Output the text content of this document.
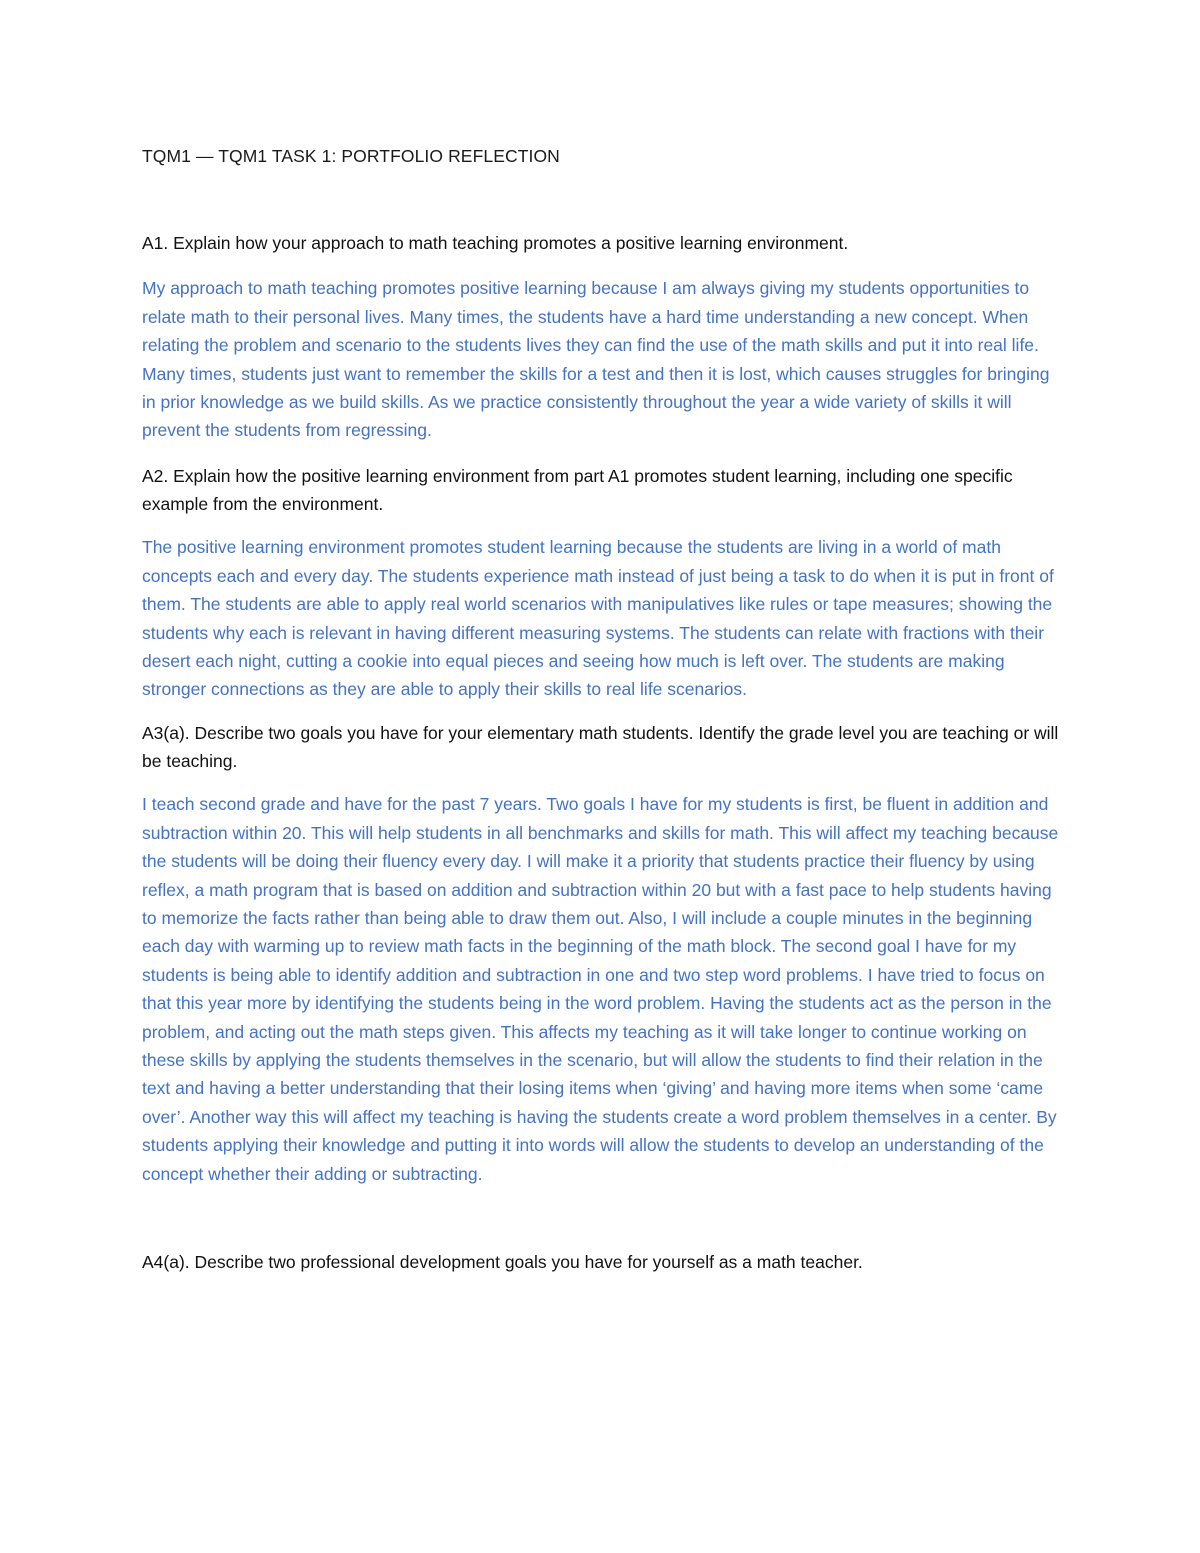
TQM1 — TQM1 TASK 1: PORTFOLIO REFLECTION

A1. Explain how your approach to math teaching promotes a positive learning environment.

My approach to math teaching promotes positive learning because I am always giving my students opportunities to relate math to their personal lives. Many times, the students have a hard time understanding a new concept. When relating the problem and scenario to the students lives they can find the use of the math skills and put it into real life. Many times, students just want to remember the skills for a test and then it is lost, which causes struggles for bringing in prior knowledge as we build skills. As we practice consistently throughout the year a wide variety of skills it will prevent the students from regressing.

A2. Explain how the positive learning environment from part A1 promotes student learning, including one specific example from the environment.

The positive learning environment promotes student learning because the students are living in a world of math concepts each and every day. The students experience math instead of just being a task to do when it is put in front of them. The students are able to apply real world scenarios with manipulatives like rules or tape measures; showing the students why each is relevant in having different measuring systems. The students can relate with fractions with their desert each night, cutting a cookie into equal pieces and seeing how much is left over. The students are making stronger connections as they are able to apply their skills to real life scenarios.

A3(a). Describe two goals you have for your elementary math students. Identify the grade level you are teaching or will be teaching.

I teach second grade and have for the past 7 years. Two goals I have for my students is first, be fluent in addition and subtraction within 20. This will help students in all benchmarks and skills for math. This will affect my teaching because the students will be doing their fluency every day. I will make it a priority that students practice their fluency by using reflex, a math program that is based on addition and subtraction within 20 but with a fast pace to help students having to memorize the facts rather than being able to draw them out. Also, I will include a couple minutes in the beginning each day with warming up to review math facts in the beginning of the math block. The second goal I have for my students is being able to identify addition and subtraction in one and two step word problems. I have tried to focus on that this year more by identifying the students being in the word problem. Having the students act as the person in the problem, and acting out the math steps given. This affects my teaching as it will take longer to continue working on these skills by applying the students themselves in the scenario, but will allow the students to find their relation in the text and having a better understanding that their losing items when ‘giving’ and having more items when some ‘came over’. Another way this will affect my teaching is having the students create a word problem themselves in a center. By students applying their knowledge and putting it into words will allow the students to develop an understanding of the concept whether their adding or subtracting.

A4(a). Describe two professional development goals you have for yourself as a math teacher.
